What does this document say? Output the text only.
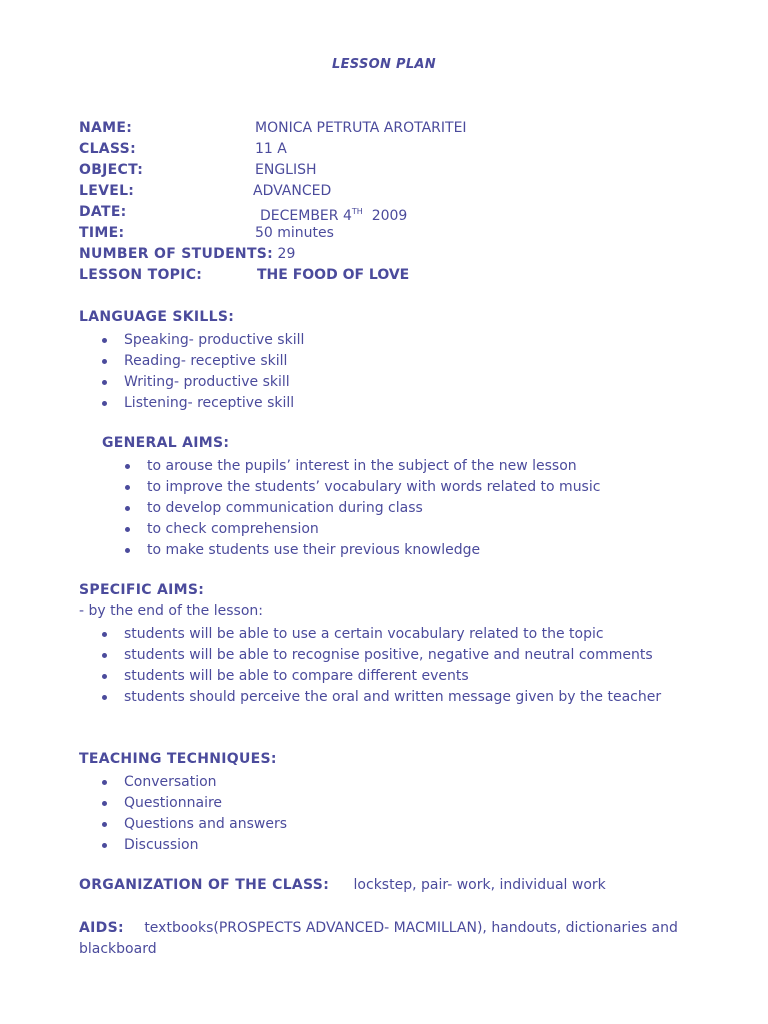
LESSON PLAN
NAME:	MONICA PETRUTA AROTARITEI
CLASS:	11 A
OBJECT:	ENGLISH
LEVEL:	ADVANCED
DATE:	DECEMBER 4TH 2009
TIME:	50 minutes
NUMBER OF STUDENTS: 29
LESSON TOPIC:	THE FOOD OF LOVE
LANGUAGE SKILLS:
Speaking- productive skill
Reading- receptive skill
Writing- productive skill
Listening- receptive skill
GENERAL AIMS:
to arouse the pupils’ interest in the subject of the new lesson
to improve the students’ vocabulary with words related to music
to develop communication during class
to check comprehension
to make students use their previous knowledge
SPECIFIC AIMS:
- by the end of the lesson:
students will be able to use a certain vocabulary related to the topic
students will be able to recognise positive, negative and neutral comments
students will be able to compare different events
students should perceive the oral and written message given by the teacher
TEACHING TECHNIQUES:
Conversation
Questionnaire
Questions and answers
Discussion
ORGANIZATION OF THE CLASS: lockstep, pair- work, individual work
AIDS: textbooks(PROSPECTS ADVANCED- MACMILLAN), handouts, dictionaries and blackboard
